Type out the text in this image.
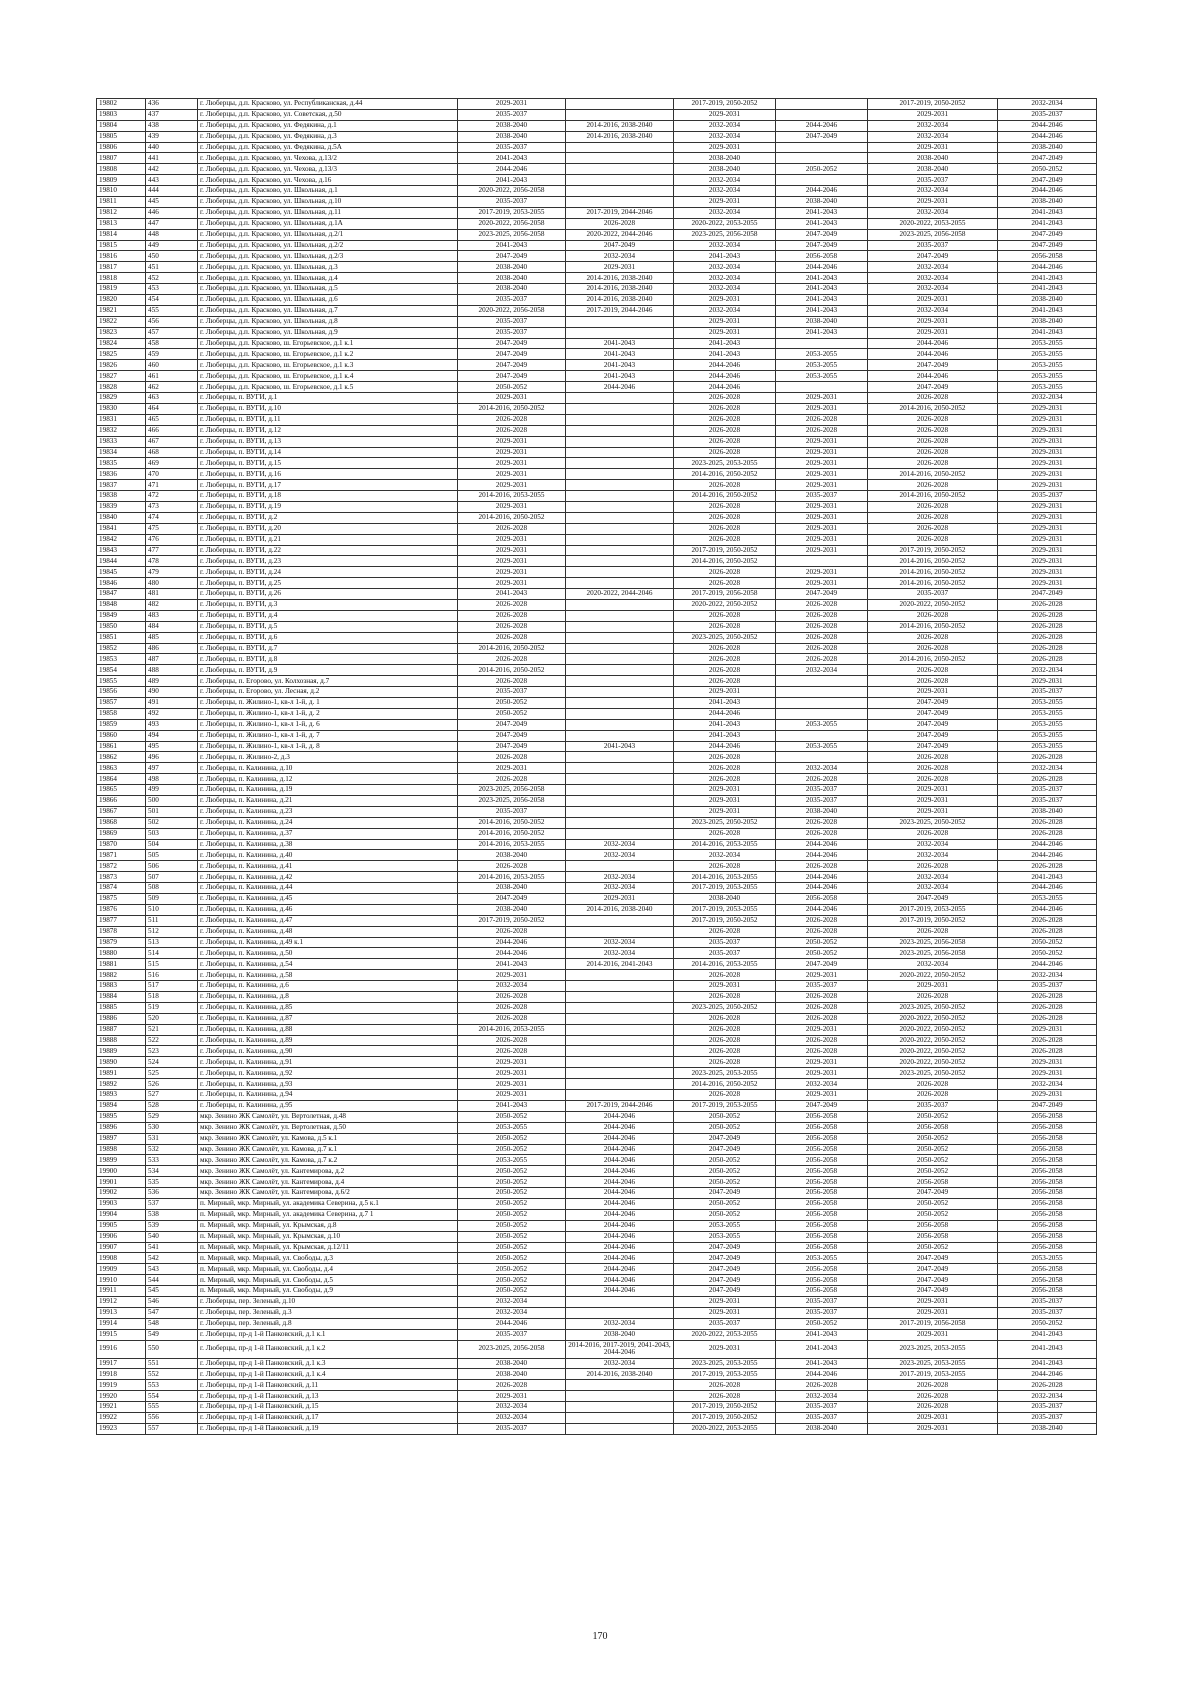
19802	436	г. Люберцы, д.п. Красково, ул. Республиканская, д.44	2029-2031		2017-2019, 2050-2052		2017-2019, 2050-2052	2032-2034
19803	437	г. Люберцы, д.п. Красково, ул. Советская, д.50	2035-2037		2029-2031		2029-2031	2035-2037
19804	438	г. Люберцы, д.п. Красково, ул. Федякина, д.1	2038-2040	2014-2016, 2038-2040	2032-2034	2044-2046	2032-2034	2044-2046
19805	439	г. Люберцы, д.п. Красково, ул. Федякина, д.3	2038-2040	2014-2016, 2038-2040	2032-2034	2047-2049	2032-2034	2044-2046
19806	440	г. Люберцы, д.п. Красково, ул. Федякина, д.5А	2035-2037		2029-2031		2029-2031	2038-2040
19807	441	г. Люберцы, д.п. Красково, ул. Чехова, д.13/2	2041-2043		2038-2040		2038-2040	2047-2049
19808	442	г. Люберцы, д.п. Красково, ул. Чехова, д.13/3	2044-2046		2038-2040	2050-2052	2038-2040	2050-2052
19809	443	г. Люберцы, д.п. Красково, ул. Чехова, д.16	2041-2043		2032-2034		2035-2037	2047-2049
19810	444	г. Люберцы, д.п. Красково, ул. Школьная, д.1	2020-2022, 2056-2058		2032-2034	2044-2046	2032-2034	2044-2046
19811	445	г. Люберцы, д.п. Красково, ул. Школьная, д.10	2035-2037		2029-2031	2038-2040	2029-2031	2038-2040
19812	446	г. Люберцы, д.п. Красково, ул. Школьная, д.11	2017-2019, 2053-2055	2017-2019, 2044-2046	2032-2034	2041-2043	2032-2034	2041-2043
19813	447	г. Люберцы, д.п. Красково, ул. Школьная, д.1А	2020-2022, 2056-2058	2026-2028	2020-2022, 2053-2055	2041-2043	2020-2022, 2053-2055	2041-2043
19814	448	г. Люберцы, д.п. Красково, ул. Школьная, д.2/1	2023-2025, 2056-2058	2020-2022, 2044-2046	2023-2025, 2056-2058	2047-2049	2023-2025, 2056-2058	2047-2049
19815	449	г. Люберцы, д.п. Красково, ул. Школьная, д.2/2	2041-2043	2047-2049	2032-2034	2047-2049	2035-2037	2047-2049
19816	450	г. Люберцы, д.п. Красково, ул. Школьная, д.2/3	2047-2049	2032-2034	2041-2043	2056-2058	2047-2049	2056-2058
19817	451	г. Люберцы, д.п. Красково, ул. Школьная, д.3	2038-2040	2029-2031	2032-2034	2044-2046	2032-2034	2044-2046
19818	452	г. Люберцы, д.п. Красково, ул. Школьная, д.4	2038-2040	2014-2016, 2038-2040	2032-2034	2041-2043	2032-2034	2041-2043
19819	453	г. Люберцы, д.п. Красково, ул. Школьная, д.5	2038-2040	2014-2016, 2038-2040	2032-2034	2041-2043	2032-2034	2041-2043
19820	454	г. Люберцы, д.п. Красково, ул. Школьная, д.6	2035-2037	2014-2016, 2038-2040	2029-2031	2041-2043	2029-2031	2038-2040
19821	455	г. Люберцы, д.п. Красково, ул. Школьная, д.7	2020-2022, 2056-2058	2017-2019, 2044-2046	2032-2034	2041-2043	2032-2034	2041-2043
19822	456	г. Люберцы, д.п. Красково, ул. Школьная, д.8	2035-2037		2029-2031	2038-2040	2029-2031	2038-2040
19823	457	г. Люберцы, д.п. Красково, ул. Школьная, д.9	2035-2037		2029-2031	2041-2043	2029-2031	2041-2043
19824	458	г. Люберцы, д.п. Красково, ш. Егорьевское, д.1 к.1	2047-2049	2041-2043	2041-2043		2044-2046	2053-2055
19825	459	г. Люберцы, д.п. Красково, ш. Егорьевское, д.1 к.2	2047-2049	2041-2043	2041-2043	2053-2055	2044-2046	2053-2055
19826	460	г. Люберцы, д.п. Красково, ш. Егорьевское, д.1 к.3	2047-2049	2041-2043	2044-2046	2053-2055	2047-2049	2053-2055
19827	461	г. Люберцы, д.п. Красково, ш. Егорьевское, д.1 к.4	2047-2049	2041-2043	2044-2046	2053-2055	2044-2046	2053-2055
19828	462	г. Люберцы, д.п. Красково, ш. Егорьевское, д.1 к.5	2050-2052	2044-2046	2044-2046		2047-2049	2053-2055
19829	463	г. Люберцы, п. ВУГИ, д.1	2029-2031		2026-2028	2029-2031	2026-2028	2032-2034
19830	464	г. Люберцы, п. ВУГИ, д.10	2014-2016, 2050-2052		2026-2028	2029-2031	2014-2016, 2050-2052	2029-2031
19831	465	г. Люберцы, п. ВУГИ, д.11	2026-2028		2026-2028	2026-2028	2026-2028	2029-2031
19832	466	г. Люберцы, п. ВУГИ, д.12	2026-2028		2026-2028	2026-2028	2026-2028	2029-2031
19833	467	г. Люберцы, п. ВУГИ, д.13	2029-2031		2026-2028	2029-2031	2026-2028	2029-2031
19834	468	г. Люберцы, п. ВУГИ, д.14	2029-2031		2026-2028	2029-2031	2026-2028	2029-2031
19835	469	г. Люберцы, п. ВУГИ, д.15	2029-2031		2023-2025, 2053-2055	2029-2031	2026-2028	2029-2031
19836	470	г. Люберцы, п. ВУГИ, д.16	2029-2031		2014-2016, 2050-2052	2029-2031	2014-2016, 2050-2052	2029-2031
19837	471	г. Люберцы, п. ВУГИ, д.17	2029-2031		2026-2028	2029-2031	2026-2028	2029-2031
19838	472	г. Люберцы, п. ВУГИ, д.18	2014-2016, 2053-2055		2014-2016, 2050-2052	2035-2037	2014-2016, 2050-2052	2035-2037
19839	473	г. Люберцы, п. ВУГИ, д.19	2029-2031		2026-2028	2029-2031	2026-2028	2029-2031
19840	474	г. Люберцы, п. ВУГИ, д.2	2014-2016, 2050-2052		2026-2028	2029-2031	2026-2028	2029-2031
19841	475	г. Люберцы, п. ВУГИ, д.20	2026-2028		2026-2028	2029-2031	2026-2028	2029-2031
19842	476	г. Люберцы, п. ВУГИ, д.21	2029-2031		2026-2028	2029-2031	2026-2028	2029-2031
19843	477	г. Люберцы, п. ВУГИ, д.22	2029-2031		2017-2019, 2050-2052	2029-2031	2017-2019, 2050-2052	2029-2031
19844	478	г. Люберцы, п. ВУГИ, д.23	2029-2031		2014-2016, 2050-2052		2014-2016, 2050-2052	2029-2031
19845	479	г. Люберцы, п. ВУГИ, д.24	2029-2031		2026-2028	2029-2031	2014-2016, 2050-2052	2029-2031
19846	480	г. Люберцы, п. ВУГИ, д.25	2029-2031		2026-2028	2029-2031	2014-2016, 2050-2052	2029-2031
19847	481	г. Люберцы, п. ВУГИ, д.26	2041-2043	2020-2022, 2044-2046	2017-2019, 2056-2058	2047-2049	2035-2037	2047-2049
19848	482	г. Люберцы, п. ВУГИ, д.3	2026-2028		2020-2022, 2050-2052	2026-2028	2020-2022, 2050-2052	2026-2028
19849	483	г. Люберцы, п. ВУГИ, д.4	2026-2028		2026-2028	2026-2028	2026-2028	2026-2028
19850	484	г. Люберцы, п. ВУГИ, д.5	2026-2028		2026-2028	2026-2028	2014-2016, 2050-2052	2026-2028
19851	485	г. Люберцы, п. ВУГИ, д.6	2026-2028		2023-2025, 2050-2052	2026-2028	2026-2028	2026-2028
19852	486	г. Люберцы, п. ВУГИ, д.7	2014-2016, 2050-2052		2026-2028	2026-2028	2026-2028	2026-2028
19853	487	г. Люберцы, п. ВУГИ, д.8	2026-2028		2026-2028	2026-2028	2014-2016, 2050-2052	2026-2028
19854	488	г. Люберцы, п. ВУГИ, д.9	2014-2016, 2050-2052		2026-2028	2032-2034	2026-2028	2032-2034
19855	489	г. Люберцы, п. Егорово, ул. Колхозная, д.7	2026-2028		2026-2028		2026-2028	2029-2031
19856	490	г. Люберцы, п. Егорово, ул. Лесная, д.2	2035-2037		2029-2031		2029-2031	2035-2037
19857	491	г. Люберцы, п. Жилино-1, кв-л 1-й, д. 1	2050-2052		2041-2043		2047-2049	2053-2055
19858	492	г. Люберцы, п. Жилино-1, кв-л 1-й, д. 2	2050-2052		2044-2046		2047-2049	2053-2055
19859	493	г. Люберцы, п. Жилино-1, кв-л 1-й, д. 6	2047-2049		2041-2043	2053-2055	2047-2049	2053-2055
19860	494	г. Люберцы, п. Жилино-1, кв-л 1-й, д. 7	2047-2049		2041-2043		2047-2049	2053-2055
19861	495	г. Люберцы, п. Жилино-1, кв-л 1-й, д. 8	2047-2049	2041-2043	2044-2046	2053-2055	2047-2049	2053-2055
19862	496	г. Люберцы, п. Жилино-2, д.3	2026-2028		2026-2028		2026-2028	2026-2028
19863	497	г. Люберцы, п. Калинина, д.10	2029-2031		2026-2028	2032-2034	2026-2028	2032-2034
19864	498	г. Люберцы, п. Калинина, д.12	2026-2028		2026-2028	2026-2028	2026-2028	2026-2028
19865	499	г. Люберцы, п. Калинина, д.19	2023-2025, 2056-2058		2029-2031	2035-2037	2029-2031	2035-2037
19866	500	г. Люберцы, п. Калинина, д.21	2023-2025, 2056-2058		2029-2031	2035-2037	2029-2031	2035-2037
19867	501	г. Люберцы, п. Калинина, д.23	2035-2037		2029-2031	2038-2040	2029-2031	2038-2040
19868	502	г. Люберцы, п. Калинина, д.24	2014-2016, 2050-2052		2023-2025, 2050-2052	2026-2028	2023-2025, 2050-2052	2026-2028
19869	503	г. Люберцы, п. Калинина, д.37	2014-2016, 2050-2052		2026-2028	2026-2028	2026-2028	2026-2028
19870	504	г. Люберцы, п. Калинина, д.38	2014-2016, 2053-2055	2032-2034	2014-2016, 2053-2055	2044-2046	2032-2034	2044-2046
19871	505	г. Люберцы, п. Калинина, д.40	2038-2040	2032-2034	2032-2034	2044-2046	2032-2034	2044-2046
19872	506	г. Люберцы, п. Калинина, д.41	2026-2028		2026-2028	2026-2028	2026-2028	2026-2028
19873	507	г. Люберцы, п. Калинина, д.42	2014-2016, 2053-2055	2032-2034	2014-2016, 2053-2055	2044-2046	2032-2034	2041-2043
19874	508	г. Люберцы, п. Калинина, д.44	2038-2040	2032-2034	2017-2019, 2053-2055	2044-2046	2032-2034	2044-2046
19875	509	г. Люберцы, п. Калинина, д.45	2047-2049	2029-2031	2038-2040	2056-2058	2047-2049	2053-2055
19876	510	г. Люберцы, п. Калинина, д.46	2038-2040	2014-2016, 2038-2040	2017-2019, 2053-2055	2044-2046	2017-2019, 2053-2055	2044-2046
19877	511	г. Люберцы, п. Калинина, д.47	2017-2019, 2050-2052		2017-2019, 2050-2052	2026-2028	2017-2019, 2050-2052	2026-2028
19878	512	г. Люберцы, п. Калинина, д.48	2026-2028		2026-2028	2026-2028	2026-2028	2026-2028
19879	513	г. Люберцы, п. Калинина, д.49 к.1	2044-2046	2032-2034	2035-2037	2050-2052	2023-2025, 2056-2058	2050-2052
19880	514	г. Люберцы, п. Калинина, д.50	2044-2046	2032-2034	2035-2037	2050-2052	2023-2025, 2056-2058	2050-2052
19881	515	г. Люберцы, п. Калинина, д.54	2041-2043	2014-2016, 2041-2043	2014-2016, 2053-2055	2047-2049	2032-2034	2044-2046
19882	516	г. Люберцы, п. Калинина, д.58	2029-2031		2026-2028	2029-2031	2020-2022, 2050-2052	2032-2034
19883	517	г. Люберцы, п. Калинина, д.6	2032-2034		2029-2031	2035-2037	2029-2031	2035-2037
19884	518	г. Люберцы, п. Калинина, д.8	2026-2028		2026-2028	2026-2028	2026-2028	2026-2028
19885	519	г. Люберцы, п. Калинина, д.85	2026-2028		2023-2025, 2050-2052	2026-2028	2023-2025, 2050-2052	2026-2028
19886	520	г. Люберцы, п. Калинина, д.87	2026-2028		2026-2028	2026-2028	2020-2022, 2050-2052	2026-2028
19887	521	г. Люберцы, п. Калинина, д.88	2014-2016, 2053-2055		2026-2028	2029-2031	2020-2022, 2050-2052	2029-2031
19888	522	г. Люберцы, п. Калинина, д.89	2026-2028		2026-2028	2026-2028	2020-2022, 2050-2052	2026-2028
19889	523	г. Люберцы, п. Калинина, д.90	2026-2028		2026-2028	2026-2028	2020-2022, 2050-2052	2026-2028
19890	524	г. Люберцы, п. Калинина, д.91	2029-2031		2026-2028	2029-2031	2020-2022, 2050-2052	2029-2031
19891	525	г. Люберцы, п. Калинина, д.92	2029-2031		2023-2025, 2053-2055	2029-2031	2023-2025, 2050-2052	2029-2031
19892	526	г. Люберцы, п. Калинина, д.93	2029-2031		2014-2016, 2050-2052	2032-2034	2026-2028	2032-2034
19893	527	г. Люберцы, п. Калинина, д.94	2029-2031		2026-2028	2029-2031	2026-2028	2029-2031
19894	528	г. Люберцы, п. Калинина, д.95	2041-2043	2017-2019, 2044-2046	2017-2019, 2053-2055	2047-2049	2035-2037	2047-2049
19895	529	мкр. Зенино ЖК Самолёт, ул. Вертолетная, д.48	2050-2052	2044-2046	2050-2052	2056-2058	2050-2052	2056-2058
19896	530	мкр. Зенино ЖК Самолёт, ул. Вертолетная, д.50	2053-2055	2044-2046	2050-2052	2056-2058	2056-2058	2056-2058
19897	531	мкр. Зенино ЖК Самолёт, ул. Камова, д.5 к.1	2050-2052	2044-2046	2047-2049	2056-2058	2050-2052	2056-2058
19898	532	мкр. Зенино ЖК Самолёт, ул. Камова, д.7 к.1	2050-2052	2044-2046	2047-2049	2056-2058	2050-2052	2056-2058
19899	533	мкр. Зенино ЖК Самолёт, ул. Камова, д.7 к.2	2053-2055	2044-2046	2050-2052	2056-2058	2050-2052	2056-2058
19900	534	мкр. Зенино ЖК Самолёт, ул. Кантемирова, д.2	2050-2052	2044-2046	2050-2052	2056-2058	2050-2052	2056-2058
19901	535	мкр. Зенино ЖК Самолёт, ул. Кантемирова, д.4	2050-2052	2044-2046	2050-2052	2056-2058	2056-2058	2056-2058
19902	536	мкр. Зенино ЖК Самолёт, ул. Кантемирова, д.6/2	2050-2052	2044-2046	2047-2049	2056-2058	2047-2049	2056-2058
19903	537	п. Мирный, мкр. Мирный, ул. академика Северина, д.5 к.1	2050-2052	2044-2046	2050-2052	2056-2058	2050-2052	2056-2058
19904	538	п. Мирный, мкр. Мирный, ул. академика Северина, д.7 1	2050-2052	2044-2046	2050-2052	2056-2058	2050-2052	2056-2058
19905	539	п. Мирный, мкр. Мирный, ул. Крымская, д.8	2050-2052	2044-2046	2053-2055	2056-2058	2056-2058	2056-2058
19906	540	п. Мирный, мкр. Мирный, ул. Крымская, д.10	2050-2052	2044-2046	2053-2055	2056-2058	2056-2058	2056-2058
19907	541	п. Мирный, мкр. Мирный, ул. Крымская, д.12/11	2050-2052	2044-2046	2047-2049	2056-2058	2050-2052	2056-2058
19908	542	п. Мирный, мкр. Мирный, ул. Свободы, д.3	2050-2052	2044-2046	2047-2049	2053-2055	2047-2049	2053-2055
19909	543	п. Мирный, мкр. Мирный, ул. Свободы, д.4	2050-2052	2044-2046	2047-2049	2056-2058	2047-2049	2056-2058
19910	544	п. Мирный, мкр. Мирный, ул. Свободы, д.5	2050-2052	2044-2046	2047-2049	2056-2058	2047-2049	2056-2058
19911	545	п. Мирный, мкр. Мирный, ул. Свободы, д.9	2050-2052	2044-2046	2047-2049	2056-2058	2047-2049	2056-2058
19912	546	г. Люберцы, пер. Зеленый, д.10	2032-2034		2029-2031	2035-2037	2029-2031	2035-2037
19913	547	г. Люберцы, пер. Зеленый, д.3	2032-2034		2029-2031	2035-2037	2029-2031	2035-2037
19914	548	г. Люберцы, пер. Зеленый, д.8	2044-2046	2032-2034	2035-2037	2050-2052	2017-2019, 2056-2058	2050-2052
19915	549	г. Люберцы, пр-д 1-й Панковский, д.1 к.1	2035-2037	2038-2040	2020-2022, 2053-2055	2041-2043	2029-2031	2041-2043
19916	550	г. Люберцы, пр-д 1-й Панковский, д.1 к.2	2023-2025, 2056-2058	2014-2016, 2017-2019, 2041-2043, 2044-2046	2029-2031	2041-2043	2023-2025, 2053-2055	2041-2043
19917	551	г. Люберцы, пр-д 1-й Панковский, д.1 к.3	2038-2040	2032-2034	2023-2025, 2053-2055	2041-2043	2023-2025, 2053-2055	2041-2043
19918	552	г. Люберцы, пр-д 1-й Панковский, д.1 к.4	2038-2040	2014-2016, 2038-2040	2017-2019, 2053-2055	2044-2046	2017-2019, 2053-2055	2044-2046
19919	553	г. Люберцы, пр-д 1-й Панковский, д.11	2026-2028		2026-2028	2026-2028	2026-2028	2026-2028
19920	554	г. Люберцы, пр-д 1-й Панковский, д.13	2029-2031		2026-2028	2032-2034	2026-2028	2032-2034
19921	555	г. Люберцы, пр-д 1-й Панковский, д.15	2032-2034		2017-2019, 2050-2052	2035-2037	2026-2028	2035-2037
19922	556	г. Люберцы, пр-д 1-й Панковский, д.17	2032-2034		2017-2019, 2050-2052	2035-2037	2029-2031	2035-2037
19923	557	г. Люберцы, пр-д 1-й Панковский, д.19	2035-2037		2020-2022, 2053-2055	2038-2040	2029-2031	2038-2040
170
